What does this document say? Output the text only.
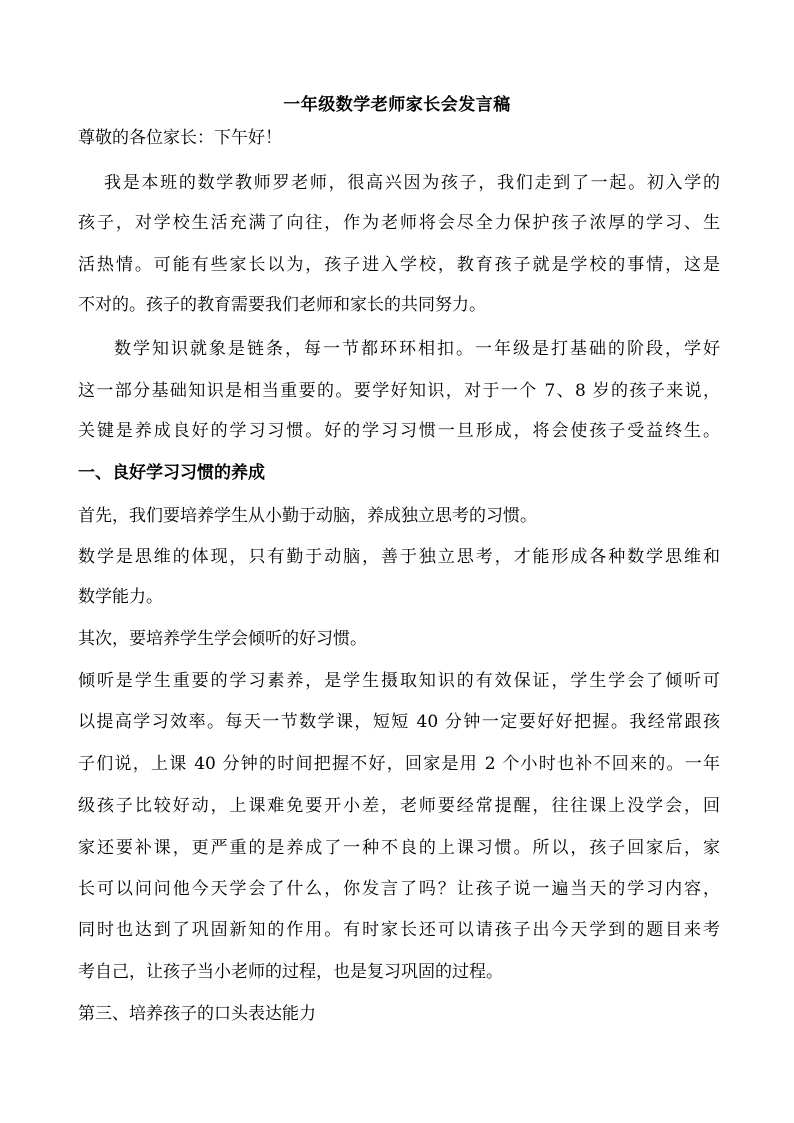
一年级数学老师家长会发言稿
尊敬的各位家长：下午好！
我是本班的数学教师罗老师，很高兴因为孩子，我们走到了一起。初入学的
孩子，对学校生活充满了向往，作为老师将会尽全力保护孩子浓厚的学习、生
活热情。可能有些家长以为，孩子进入学校，教育孩子就是学校的事情，这是
不对的。孩子的教育需要我们老师和家长的共同努力。
数学知识就象是链条，每一节都环环相扣。一年级是打基础的阶段，学好
这一部分基础知识是相当重要的。要学好知识，对于一个 7、8 岁的孩子来说，
关键是养成良好的学习习惯。好的学习习惯一旦形成，将会使孩子受益终生。
一、良好学习习惯的养成
首先，我们要培养学生从小勤于动脑，养成独立思考的习惯。
数学是思维的体现，只有勤于动脑，善于独立思考，才能形成各种数学思维和
数学能力。
其次，要培养学生学会倾听的好习惯。
倾听是学生重要的学习素养，是学生摄取知识的有效保证，学生学会了倾听可
以提高学习效率。每天一节数学课，短短 40 分钟一定要好好把握。我经常跟孩
子们说，上课 40 分钟的时间把握不好，回家是用 2 个小时也补不回来的。一年
级孩子比较好动，上课难免要开小差，老师要经常提醒，往往课上没学会，回
家还要补课，更严重的是养成了一种不良的上课习惯。所以，孩子回家后，家
长可以问问他今天学会了什么，你发言了吗？让孩子说一遍当天的学习内容，
同时也达到了巩固新知的作用。有时家长还可以请孩子出今天学到的题目来考
考自己，让孩子当小老师的过程，也是复习巩固的过程。
第三、培养孩子的口头表达能力
